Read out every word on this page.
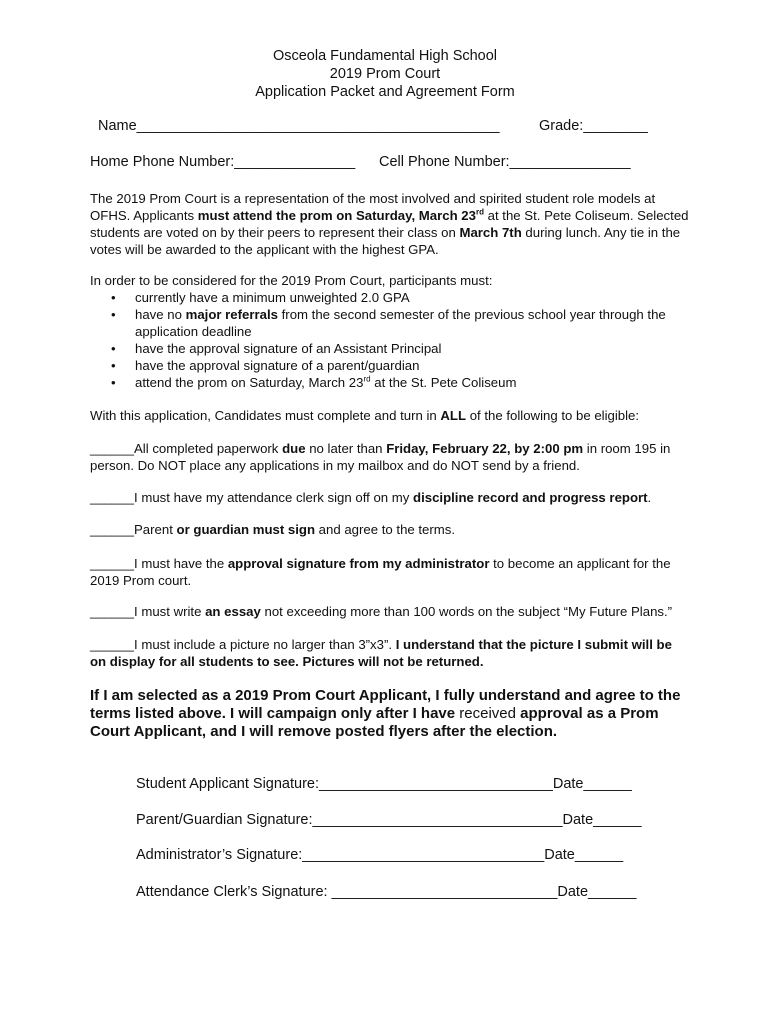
Osceola Fundamental High School
2019 Prom Court
Application Packet and Agreement Form
Name_____________________________________________	Grade:________
Home Phone Number:_______________ Cell Phone Number:_______________

The 2019 Prom Court is a representation of the most involved and spirited student role models at OFHS. Applicants must attend the prom on Saturday, March 23rd at the St. Pete Coliseum. Selected students are voted on by their peers to represent their class on March 7th during lunch. Any tie in the votes will be awarded to the applicant with the highest GPA.

In order to be considered for the 2019 Prom Court, participants must:

• currently have a minimum unweighted 2.0 GPA
• have no major referrals from the second semester of the previous school year through the application deadline
• have the approval signature of an Assistant Principal
• have the approval signature of a parent/guardian
• attend the prom on Saturday, March 23rd at the St. Pete Coliseum

With this application, Candidates must complete and turn in ALL of the following to be eligible:

______All completed paperwork due no later than Friday, February 22, by 2:00 pm in room 195 in person. Do NOT place any applications in my mailbox and do NOT send by a friend.

______I must have my attendance clerk sign off on my discipline record and progress report.

______Parent or guardian must sign and agree to the terms.

______I must have the approval signature from my administrator to become an applicant for the 2019 Prom court.

______I must write an essay not exceeding more than 100 words on the subject “My Future Plans.”

______I must include a picture no larger than 3”x3”. I understand that the picture I submit will be on display for all students to see. Pictures will not be returned.

If I am selected as a 2019 Prom Court Applicant, I fully understand and agree to the terms listed above. I will campaign only after I have received approval as a Prom Court Applicant, and I will remove posted flyers after the election.
Student Applicant Signature:_____________________________Date______
Parent/Guardian Signature:_______________________________Date______
Administrator’s Signature:______________________________Date______
Attendance Clerk’s Signature: ____________________________Date______
